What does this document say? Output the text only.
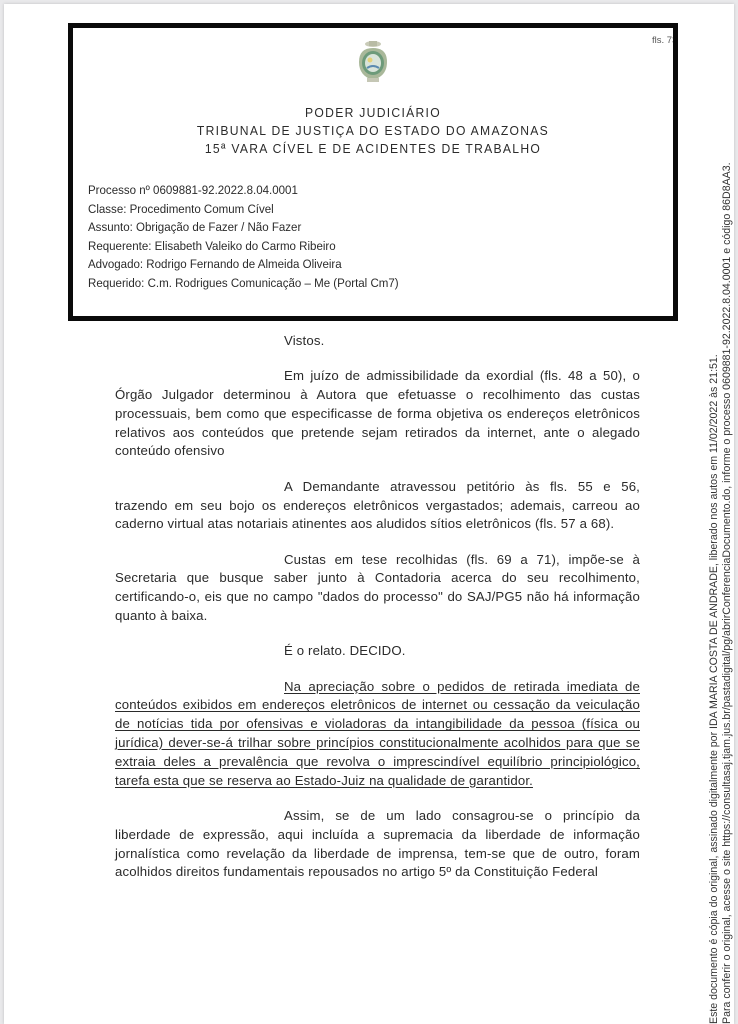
fls. 73
PODER JUDICIÁRIO
TRIBUNAL DE JUSTIÇA DO ESTADO DO AMAZONAS
15ª VARA CÍVEL E DE ACIDENTES DE TRABALHO
Processo nº 0609881-92.2022.8.04.0001
Classe: Procedimento Comum Cível
Assunto: Obrigação de Fazer / Não Fazer
Requerente: Elisabeth Valeiko do Carmo Ribeiro
Advogado: Rodrigo Fernando de Almeida Oliveira
Requerido: C.m. Rodrigues Comunicação – Me (Portal Cm7)
Vistos.

Em juízo de admissibilidade da exordial (fls. 48 a 50), o Órgão Julgador determinou à Autora que efetuasse o recolhimento das custas processuais, bem como que especificasse de forma objetiva os endereços eletrônicos relativos aos conteúdos que pretende sejam retirados da internet, ante o alegado conteúdo ofensivo

A Demandante atravessou petitório às fls. 55 e 56, trazendo em seu bojo os endereços eletrônicos vergastados; ademais, carreou ao caderno virtual atas notariais atinentes aos aludidos sítios eletrônicos (fls. 57 a 68).

Custas em tese recolhidas (fls. 69 a 71), impõe-se à Secretaria que busque saber junto à Contadoria acerca do seu recolhimento, certificando-o, eis que no campo "dados do processo" do SAJ/PG5 não há informação quanto à baixa.

É o relato. DECIDO.

Na apreciação sobre o pedidos de retirada imediata de conteúdos exibidos em endereços eletrônicos de internet ou cessação da veiculação de notícias tida por ofensivas e violadoras da intangibilidade da pessoa (física ou jurídica) dever-se-á trilhar sobre princípios constitucionalmente acolhidos para que se extraia deles a prevalência que revolva o imprescindível equilíbrio principiológico, tarefa esta que se reserva ao Estado-Juiz na qualidade de garantidor.

Assim, se de um lado consagrou-se o princípio da liberdade de expressão, aqui incluída a supremacia da liberdade de informação jornalística como revelação da liberdade de imprensa, tem-se que de outro, foram acolhidos direitos fundamentais repousados no artigo 5º da Constituição Federal	Este documento é cópia do original, assinado digitalmente por IDA MARIA COSTA DE ANDRADE, liberado nos autos em 11/02/2022 às 21:51. Para conferir o original, acesse o site https://consultasaj.tjam.jus.br/pastadigital/pg/abrirConferenciaDocumento.do, informe o processo 0609881-92.2022.8.04.0001 e código 86D8AA3.
